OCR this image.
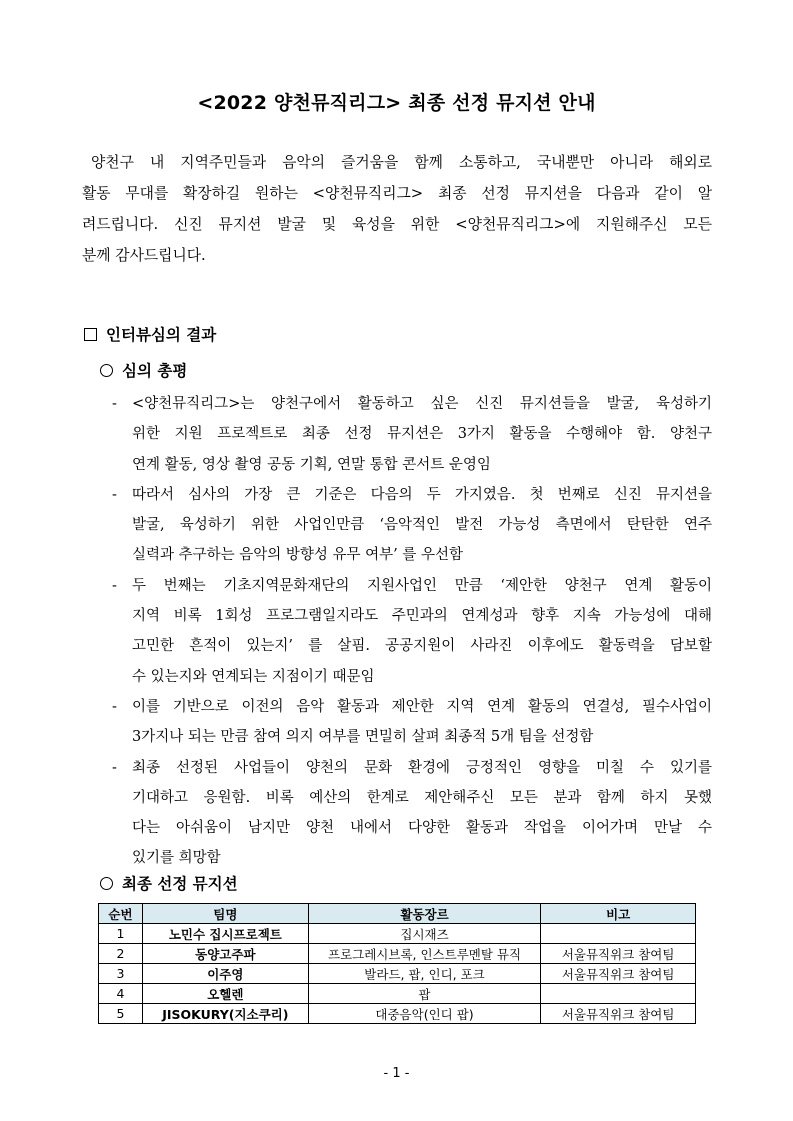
<2022 양천뮤직리그> 최종 선정 뮤지션 안내
양천구 내 지역주민들과 음악의 즐거움을 함께 소통하고, 국내뿐만 아니라 해외로
활동 무대를 확장하길 원하는 <양천뮤직리그> 최종 선정 뮤지션을 다음과 같이 알
려드립니다. 신진 뮤지션 발굴 및 육성을 위한 <양천뮤직리그>에 지원해주신 모든
분께 감사드립니다.
인터뷰심의 결과
심의 총평
- <양천뮤직리그>는 양천구에서 활동하고 싶은 신진 뮤지션들을 발굴, 육성하기
위한 지원 프로젝트로 최종 선정 뮤지션은 3가지 활동을 수행해야 함. 양천구
연계 활동, 영상 촬영 공동 기획, 연말 통합 콘서트 운영임
- 따라서 심사의 가장 큰 기준은 다음의 두 가지였음. 첫 번째로 신진 뮤지션을
발굴, 육성하기 위한 사업인만큼 ‘음악적인 발전 가능성 측면에서 탄탄한 연주
실력과 추구하는 음악의 방향성 유무 여부’ 를 우선함
- 두 번째는 기초지역문화재단의 지원사업인 만큼 ‘제안한 양천구 연계 활동이
지역 비록 1회성 프로그램일지라도 주민과의 연계성과 향후 지속 가능성에 대해
고민한 흔적이 있는지’ 를 살핌. 공공지원이 사라진 이후에도 활동력을 담보할
수 있는지와 연계되는 지점이기 때문임
- 이를 기반으로 이전의 음악 활동과 제안한 지역 연계 활동의 연결성, 필수사업이
3가지나 되는 만큼 참여 의지 여부를 면밀히 살펴 최종적 5개 팀을 선정함
- 최종 선정된 사업들이 양천의 문화 환경에 긍정적인 영향을 미칠 수 있기를
기대하고 응원함. 비록 예산의 한계로 제안해주신 모든 분과 함께 하지 못했
다는 아쉬움이 남지만 양천 내에서 다양한 활동과 작업을 이어가며 만날 수
있기를 희망함
최종 선정 뮤지션
순번	팀명	활동장르	비고
1	노민수 집시프로젝트	집시재즈	
2	동양고주파	프로그레시브록, 인스트루멘탈 뮤직	서울뮤직위크 참여팀
3	이주영	발라드, 팝, 인디, 포크	서울뮤직위크 참여팀
4	오헬렌	팝	
5	JISOKURY(지소쿠리)	대중음악(인디 팝)	서울뮤직위크 참여팀
- 1 -
